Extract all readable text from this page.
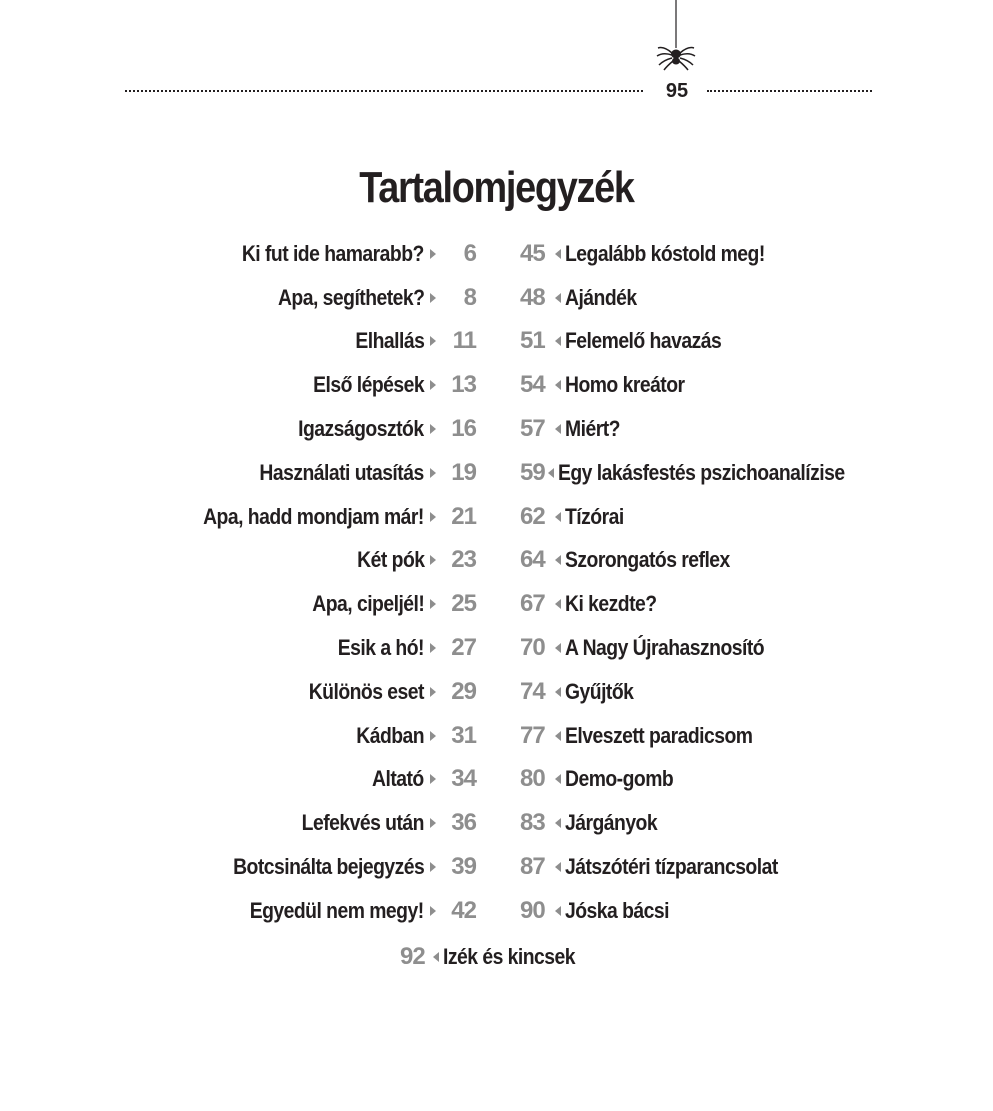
95
Tartalomjegyzék
Ki fut ide hamarabb?	6
Apa, segíthetek?	8
Elhallás	11
Első lépések	13
Igazságosztók	16
Használati utasítás	19
Apa, hadd mondjam már!	21
Két pók	23
Apa, cipeljél!	25
Esik a hó!	27
Különös eset	29
Kádban	31
Altató	34
Lefekvés után	36
Botcsinálta bejegyzés	39
Egyedül nem megy!	42
45 Legalább kóstold meg!
48 Ajándék
51 Felemelő havazás
54 Homo kreátor
57 Miért?
59 Egy lakásfestés pszichoanalízise
62 Tízórai
64 Szorongatós reflex
67 Ki kezdte?
70 A Nagy Újrahasznosító
74 Gyűjtők
77 Elveszett paradicsom
80 Demo-gomb
83 Járgányok
87 Játszótéri tízparancsolat
90 Jóska bácsi
92 Izék és kincsek
